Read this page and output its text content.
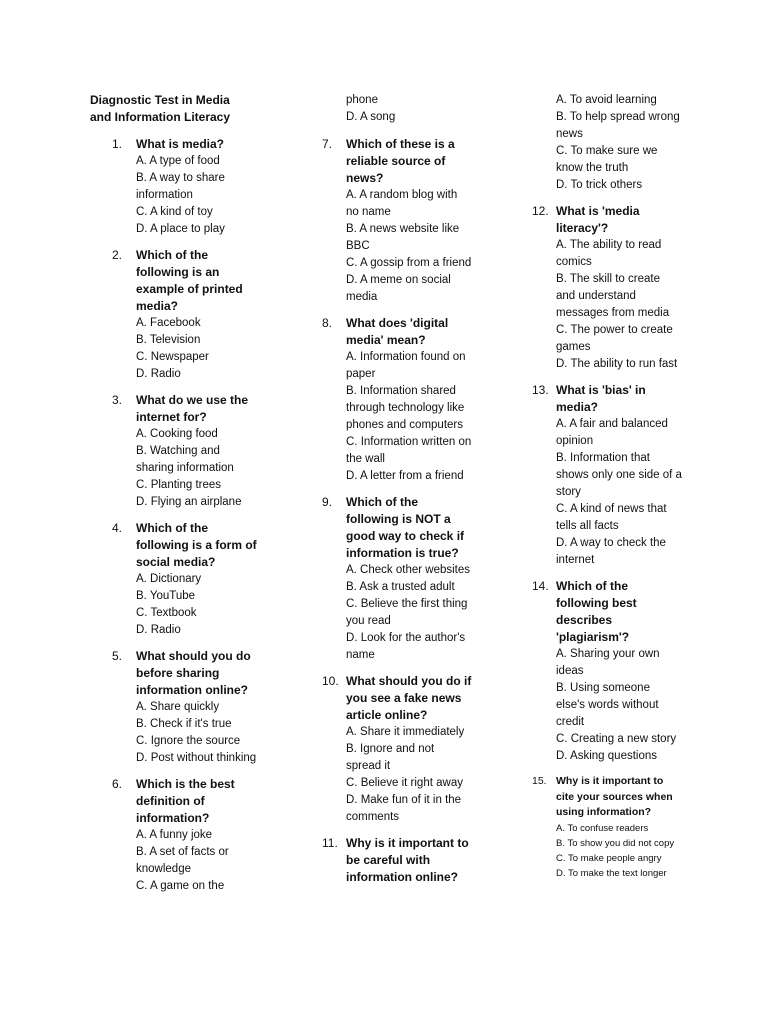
Diagnostic Test in Media and Information Literacy
1. What is media?
A. A type of food
B. A way to share information
C. A kind of toy
D. A place to play
2. Which of the following is an example of printed media?
A. Facebook
B. Television
C. Newspaper
D. Radio
3. What do we use the internet for?
A. Cooking food
B. Watching and sharing information
C. Planting trees
D. Flying an airplane
4. Which of the following is a form of social media?
A. Dictionary
B. YouTube
C. Textbook
D. Radio
5. What should you do before sharing information online?
A. Share quickly
B. Check if it's true
C. Ignore the source
D. Post without thinking
6. Which is the best definition of information?
A. A funny joke
B. A set of facts or knowledge
C. A game on the
phone
D. A song
7. Which of these is a reliable source of news?
A. A random blog with no name
B. A news website like BBC
C. A gossip from a friend
D. A meme on social media
8. What does 'digital media' mean?
A. Information found on paper
B. Information shared through technology like phones and computers
C. Information written on the wall
D. A letter from a friend
9. Which of the following is NOT a good way to check if information is true?
A. Check other websites
B. Ask a trusted adult
C. Believe the first thing you read
D. Look for the author's name
10. What should you do if you see a fake news article online?
A. Share it immediately
B. Ignore and not spread it
C. Believe it right away
D. Make fun of it in the comments
11. Why is it important to be careful with information online?
A. To avoid learning
B. To help spread wrong news
C. To make sure we know the truth
D. To trick others
12. What is 'media literacy'?
A. The ability to read comics
B. The skill to create and understand messages from media
C. The power to create games
D. The ability to run fast
13. What is 'bias' in media?
A. A fair and balanced opinion
B. Information that shows only one side of a story
C. A kind of news that tells all facts
D. A way to check the internet
14. Which of the following best describes 'plagiarism'?
A. Sharing your own ideas
B. Using someone else's words without credit
C. Creating a new story
D. Asking questions
15. Why is it important to cite your sources when using information?
A. To confuse readers
B. To show you did not copy
C. To make people angry
D. To make the text longer
